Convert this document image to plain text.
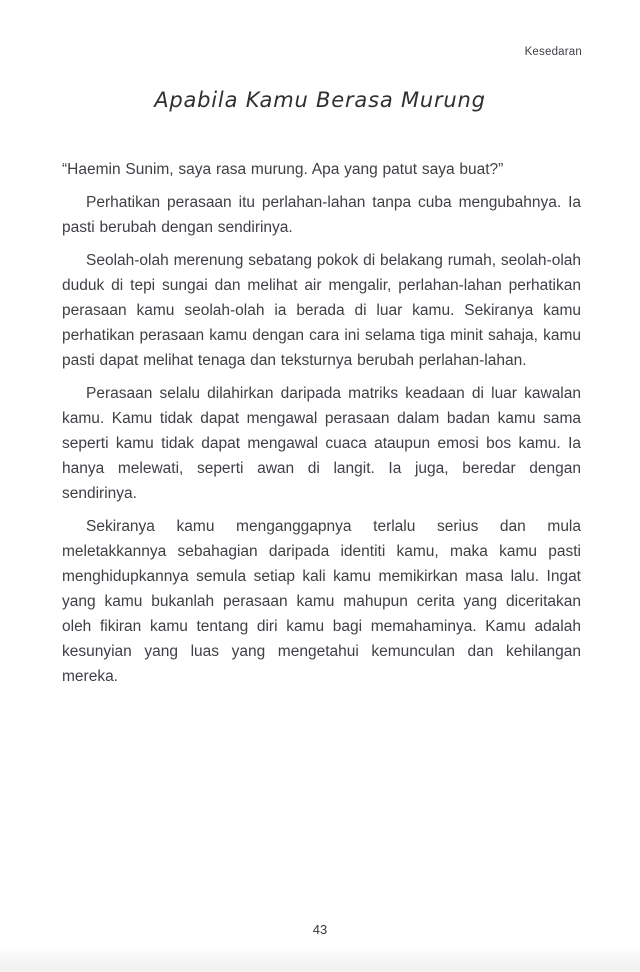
Kesedaran
Apabila Kamu Berasa Murung

“Haemin Sunim, saya rasa murung. Apa yang patut saya buat?”

Perhatikan perasaan itu perlahan-lahan tanpa cuba mengubahnya. Ia pasti berubah dengan sendirinya.

Seolah-olah merenung sebatang pokok di belakang rumah, seolah-olah duduk di tepi sungai dan melihat air mengalir, perlahan-lahan perhatikan perasaan kamu seolah-olah ia berada di luar kamu. Sekiranya kamu perhatikan perasaan kamu dengan cara ini selama tiga minit sahaja, kamu pasti dapat melihat tenaga dan teksturnya berubah perlahan-lahan.

Perasaan selalu dilahirkan daripada matriks keadaan di luar kawalan kamu. Kamu tidak dapat mengawal perasaan dalam badan kamu sama seperti kamu tidak dapat mengawal cuaca ataupun emosi bos kamu. Ia hanya melewati, seperti awan di langit. Ia juga, beredar dengan sendirinya.

Sekiranya kamu menganggapnya terlalu serius dan mula meletakkannya sebahagian daripada identiti kamu, maka kamu pasti menghidupkannya semula setiap kali kamu memikirkan masa lalu. Ingat yang kamu bukanlah perasaan kamu mahupun cerita yang diceritakan oleh fikiran kamu tentang diri kamu bagi memahaminya. Kamu adalah kesunyian yang luas yang mengetahui kemunculan dan kehilangan mereka.

43
